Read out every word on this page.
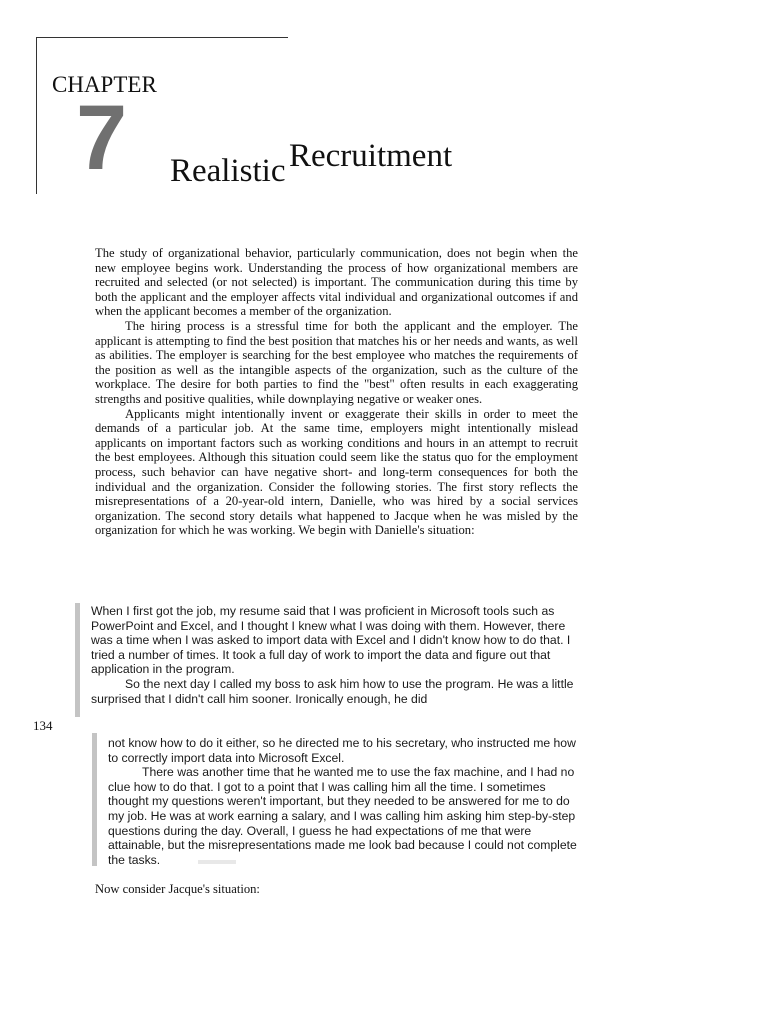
CHAPTER
7 Realistic Recruitment

The study of organizational behavior, particularly communication, does not begin when the new employee begins work. Understanding the process of how organizational members are recruited and selected (or not selected) is important. The communication during this time by both the applicant and the employer affects vital individual and organizational outcomes if and when the applicant becomes a member of the organization.

The hiring process is a stressful time for both the applicant and the employer. The applicant is attempting to find the best position that matches his or her needs and wants, as well as abilities. The employer is searching for the best employee who matches the requirements of the position as well as the intangible aspects of the organization, such as the culture of the workplace. The desire for both parties to find the "best" often results in each exaggerating strengths and positive qualities, while downplaying negative or weaker ones.

Applicants might intentionally invent or exaggerate their skills in order to meet the demands of a particular job. At the same time, employers might intentionally mislead applicants on important factors such as working conditions and hours in an attempt to recruit the best employees. Although this situation could seem like the status quo for the employment process, such behavior can have negative short- and long-term consequences for both the individual and the organization. Consider the following stories. The first story reflects the misrepresentations of a 20-year-old intern, Danielle, who was hired by a social services organization. The second story details what happened to Jacque when he was misled by the organization for which he was working. We begin with Danielle's situation:

When I first got the job, my resume said that I was proficient in Microsoft tools such as PowerPoint and Excel, and I thought I knew what I was doing with them. However, there was a time when I was asked to import data with Excel and I didn't know how to do that. I tried a number of times. It took a full day of work to import the data and figure out that application in the program.

So the next day I called my boss to ask him how to use the program. He was a little surprised that I didn't call him sooner. Ironically enough, he did

134

not know how to do it either, so he directed me to his secretary, who instructed me how to correctly import data into Microsoft Excel.

There was another time that he wanted me to use the fax machine, and I had no clue how to do that. I got to a point that I was calling him all the time. I sometimes thought my questions weren't important, but they needed to be answered for me to do my job. He was at work earning a salary, and I was calling him asking him step-by-step questions during the day. Overall, I guess he had expectations of me that were attainable, but the misrepresentations made me look bad because I could not complete the tasks.

Now consider Jacque's situation:
